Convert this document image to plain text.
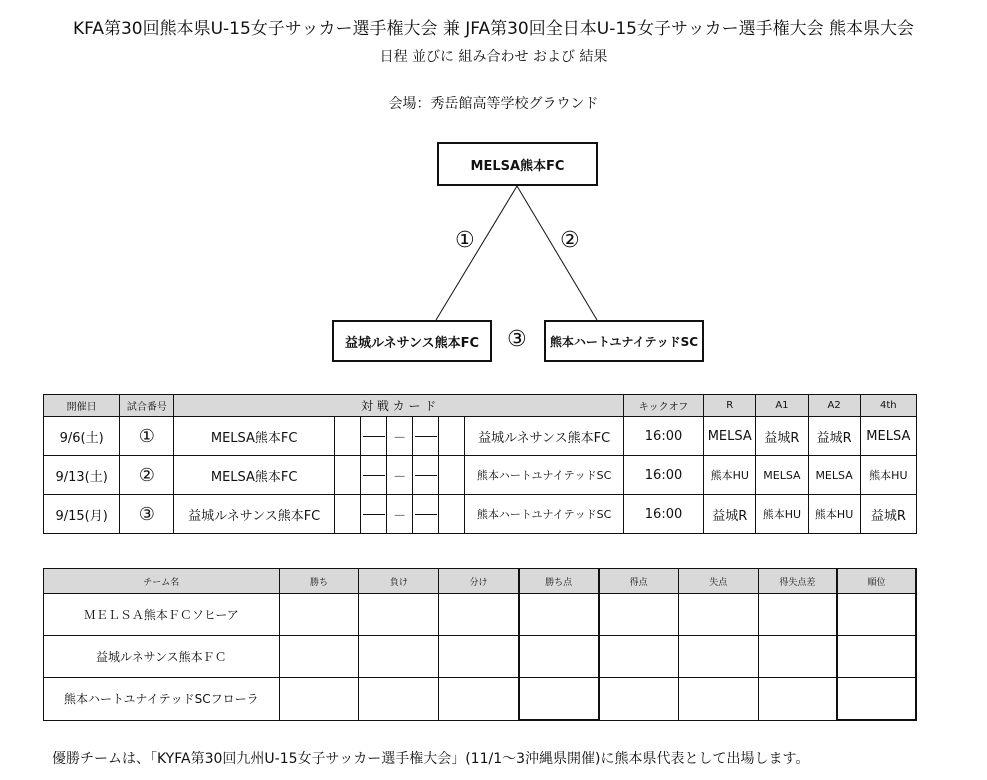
KFA第30回熊本県U-15女子サッカー選手権大会 兼 JFA第30回全日本U-15女子サッカー選手権大会 熊本県大会
日程 並びに 組み合わせ および 結果
会場：秀岳館高等学校グラウンド
MELSA熊本FC
益城ルネサンス熊本FC	熊本ハートユナイテッドSC
①	②
③
開催日	試合番号	対 戦 カ ー ド							キックオフ	R	A1	A2	4th
9/6(土)	①	MELSA熊本FC			－			益城ルネサンス熊本FC	16:00	MELSA	益城R	益城R	MELSA
9/13(土)	②	MELSA熊本FC			－			熊本ハートユナイテッドSC	16:00	熊本HU	MELSA	MELSA	熊本HU
9/15(月)	③	益城ルネサンス熊本FC			－			熊本ハートユナイテッドSC	16:00	益城R	熊本HU	熊本HU	益城R
チーム名	勝ち	負け	分け	勝ち点	得点	失点	得失点差	順位
ＭＥＬＳＡ熊本ＦＣソヒーア								
益城ルネサンス熊本ＦＣ								
熊本ハートユナイテッドSCフローラ								
優勝チームは、「KYFA第30回九州U-15女子サッカー選手権大会」(11/1～3沖縄県開催)に熊本県代表として出場します。
